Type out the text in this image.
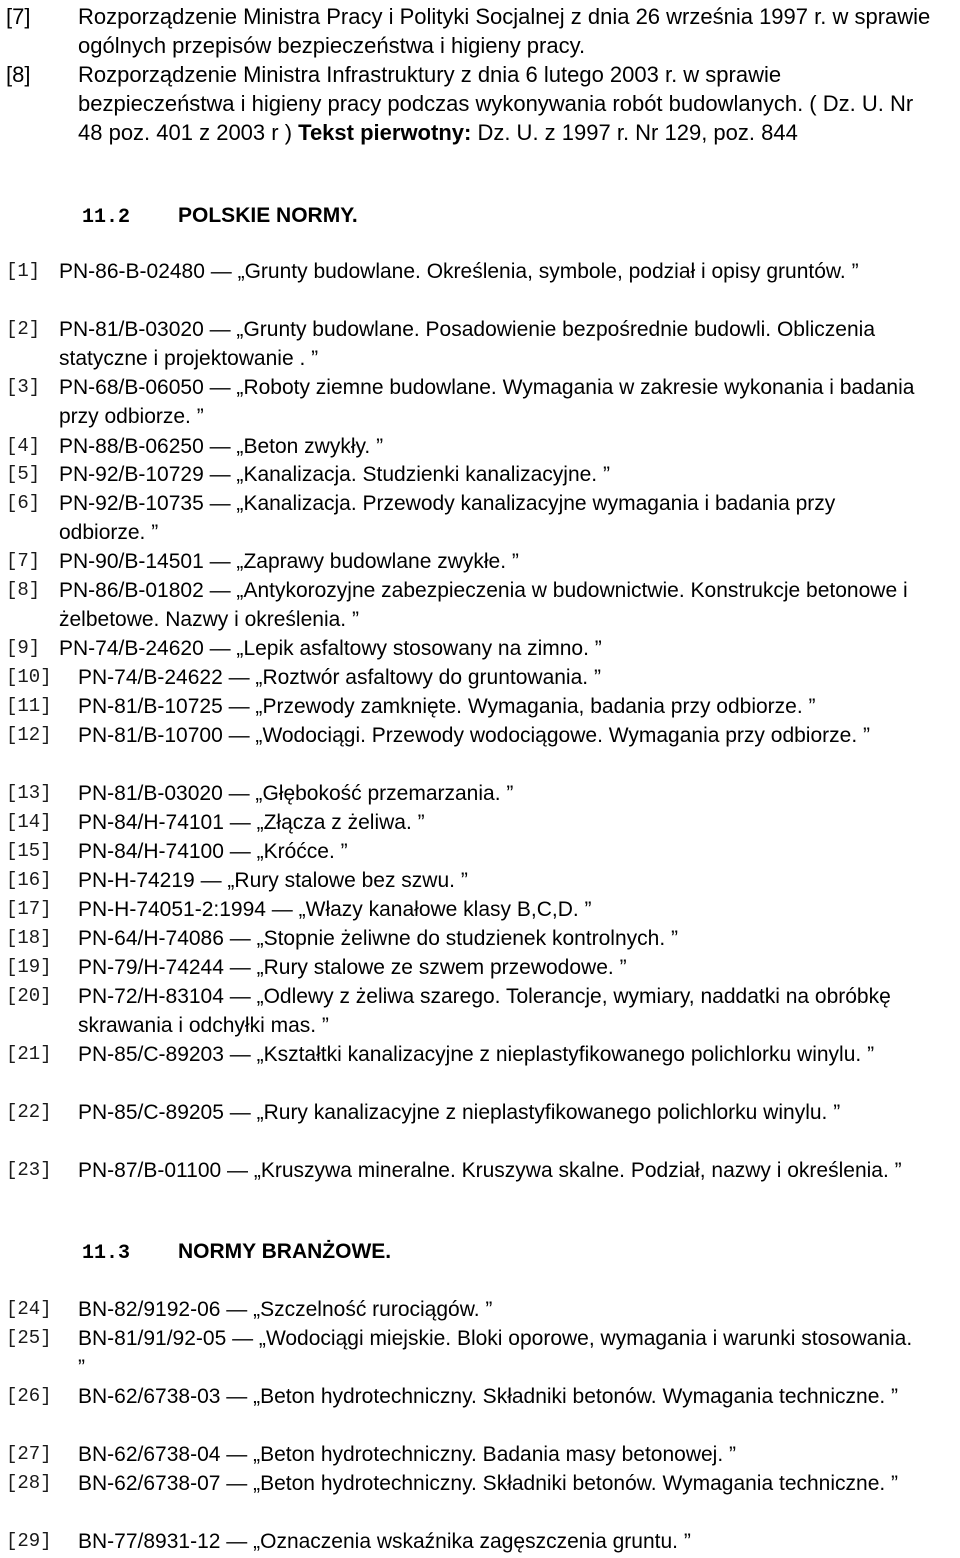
[7]	Rozporządzenie Ministra Pracy i Polityki Socjalnej z dnia 26 września 1997 r. w sprawie ogólnych przepisów bezpieczeństwa i higieny pracy.
[8] Rozporządzenie Ministra Infrastruktury z dnia 6 lutego 2003 r. w sprawie bezpieczeństwa i higieny pracy podczas wykonywania robót budowlanych. ( Dz. U. Nr 48 poz. 401 z 2003 r ) Tekst pierwotny: Dz. U. z 1997 r. Nr 129, poz. 844
11.2 POLSKIE NORMY.
[1] PN-86-B-02480 — „Grunty budowlane. Określenia, symbole, podział i opisy gruntów. ”
[2] PN-81/B-03020 — „Grunty budowlane. Posadowienie bezpośrednie budowli. Obliczenia statyczne i projektowanie . ”
[3] PN-68/B-06050 — „Roboty ziemne budowlane. Wymagania w zakresie wykonania i badania przy odbiorze. ”
[4] PN-88/B-06250 — „Beton zwykły. ”
[5] PN-92/B-10729 — „Kanalizacja. Studzienki kanalizacyjne. ”
[6] PN-92/B-10735 — „Kanalizacja. Przewody kanalizacyjne wymagania i badania przy odbiorze. ”
[7] PN-90/B-14501 — „Zaprawy budowlane zwykłe. ”
[8] PN-86/B-01802 — „Antykorozyjne zabezpieczenia w budownictwie. Konstrukcje betonowe i żelbetowe. Nazwy i określenia. ”
[9] PN-74/B-24620 — „Lepik asfaltowy stosowany na zimno. ”
[10] PN-74/B-24622 — „Roztwór asfaltowy do gruntowania. ”
[11] PN-81/B-10725 — „Przewody zamknięte. Wymagania, badania przy odbiorze. ”
[12] PN-81/B-10700 — „Wodociągi. Przewody wodociągowe. Wymagania przy odbiorze. ”
[13] PN-81/B-03020 — „Głębokość przemarzania. ”
[14] PN-84/H-74101 — „Złącza z żeliwa. ”
[15] PN-84/H-74100 — „Króćce. ”
[16] PN-H-74219 — „Rury stalowe bez szwu. ”
[17] PN-H-74051-2:1994 — „Włazy kanałowe klasy B,C,D. ”
[18] PN-64/H-74086 — „Stopnie żeliwne do studzienek kontrolnych. ”
[19] PN-79/H-74244 — „Rury stalowe ze szwem przewodowe. ”
[20] PN-72/H-83104 — „Odlewy z żeliwa szarego. Tolerancje, wymiary, naddatki na obróbkę skrawania i odchyłki mas. ”
[21] PN-85/C-89203 — „Kształtki kanalizacyjne z nieplastyfikowanego polichlorku winylu. ”
[22] PN-85/C-89205 — „Rury kanalizacyjne z nieplastyfikowanego polichlorku winylu. ”
[23] PN-87/B-01100 — „Kruszywa mineralne. Kruszywa skalne. Podział, nazwy i określenia. ”
11.3 NORMY BRANŻOWE.
[24] BN-82/9192-06 — „Szczelność rurociągów. ”
[25] BN-81/91/92-05 — „Wodociągi miejskie. Bloki oporowe, wymagania i warunki stosowania. ”
[26] BN-62/6738-03 — „Beton hydrotechniczny. Składniki betonów. Wymagania techniczne. ”
[27] BN-62/6738-04 — „Beton hydrotechniczny. Badania masy betonowej. ”
[28] BN-62/6738-07 — „Beton hydrotechniczny. Składniki betonów. Wymagania techniczne. ”
[29] BN-77/8931-12 — „Oznaczenia wskaźnika zagęszczenia gruntu. ”
